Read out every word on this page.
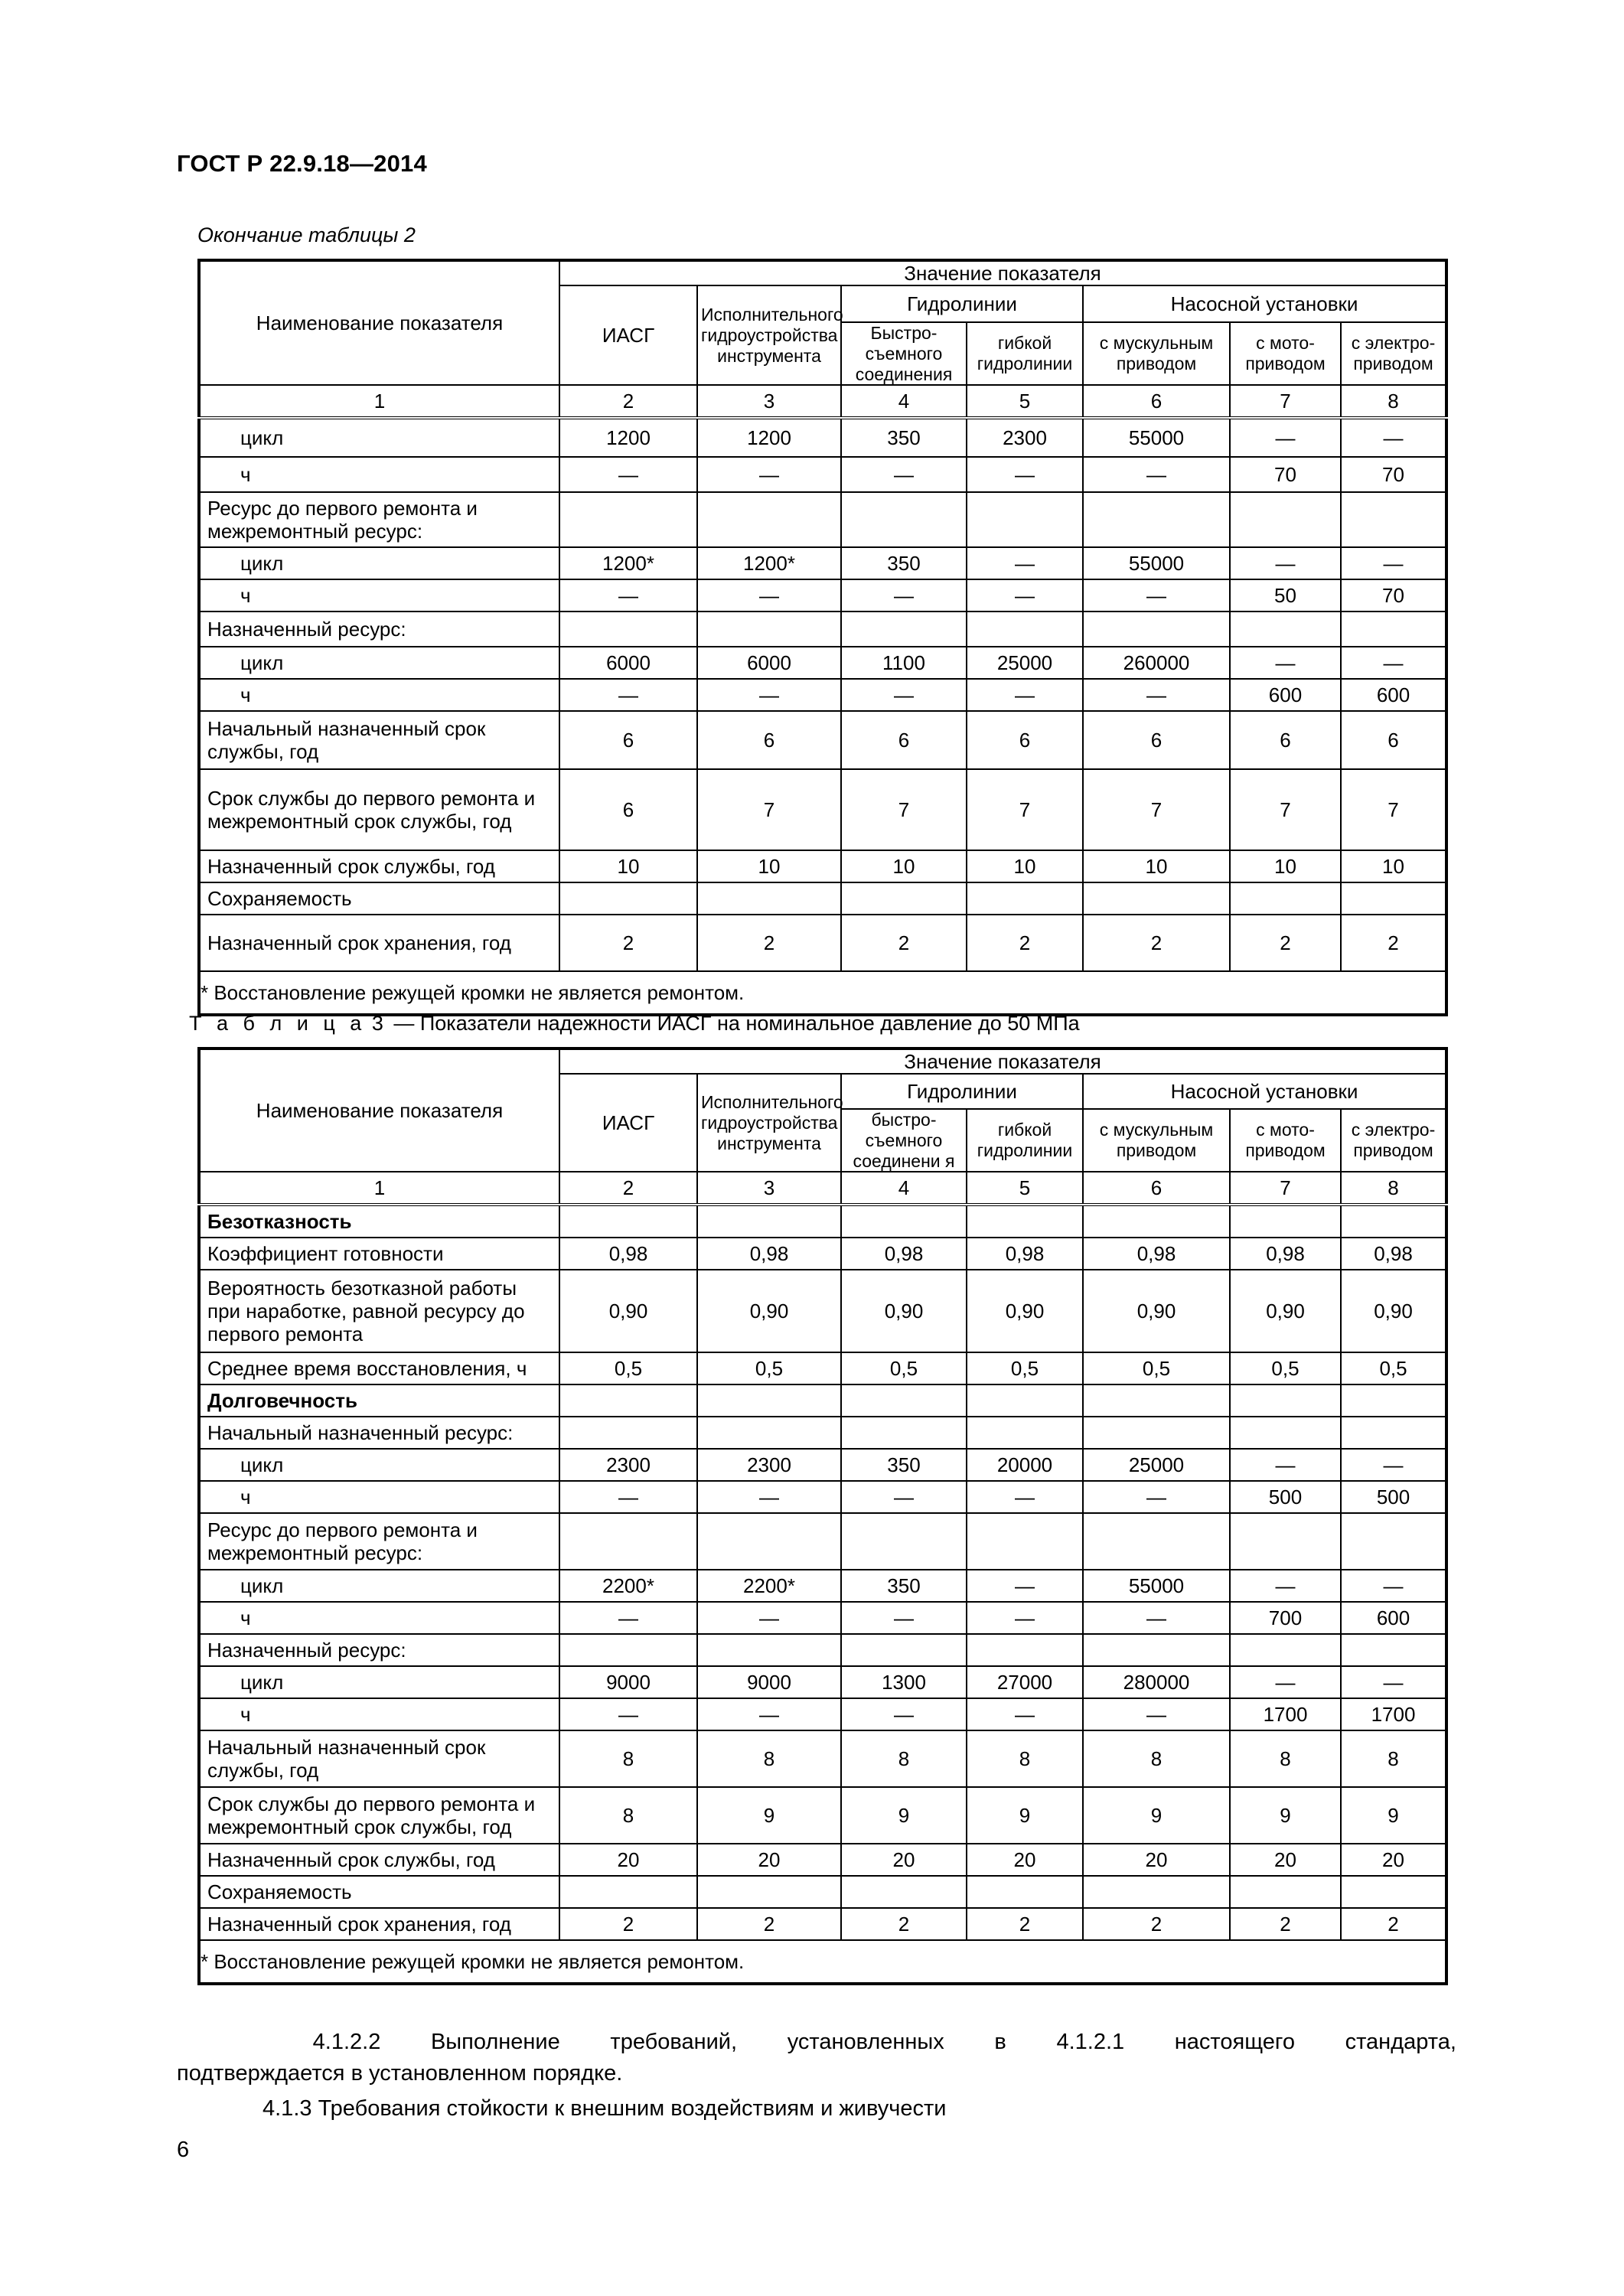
ГОСТ Р 22.9.18—2014
Окончание таблицы 2
Наименование показателя	Значение показателя						
	ИАСГ	Исполнительного гидроустройства инструмента	Гидролинии		Насосной установки		
			Быстро-съемного соединения	гибкой гидролинии	с мускульным приводом	с мото-приводом	с электро-приводом
1	2	3	4	5	6	7	8
цикл	1200	1200	350	2300	55000	—	—
ч	—	—	—	—	—	70	70
Ресурс до первого ремонта и межремонтный ресурс:							
цикл	1200*	1200*	350	—	55000	—	—
ч	—	—	—	—	—	50	70
Назначенный ресурс:							
цикл	6000	6000	1100	25000	260000	—	—
ч	—	—	—	—	—	600	600
Начальный назначенный срок службы, год	6	6	6	6	6	6	6
Срок службы до первого ремонта и межремонтный срок службы, год	6	7	7	7	7	7	7
Назначенный срок службы, год	10	10	10	10	10	10	10
Сохраняемость							
Назначенный срок хранения, год	2	2	2	2	2	2	2
* Восстановление режущей кромки не является ремонтом.							
Т а б л и ц а 3 — Показатели надежности ИАСГ на номинальное давление до 50 МПа
Наименование показателя	Значение показателя						
	ИАСГ	Исполнительного гидроустройства инструмента	Гидролинии		Насосной установки		
			быстро-съемного соединени я	гибкой гидролинии	с мускульным приводом	с мото-приводом	с электро-приводом
1	2	3	4	5	6	7	8
Безотказность							
Коэффициент готовности	0,98	0,98	0,98	0,98	0,98	0,98	0,98
Вероятность безотказной работы при наработке, равной ресурсу до первого ремонта	0,90	0,90	0,90	0,90	0,90	0,90	0,90
Среднее время восстановления, ч	0,5	0,5	0,5	0,5	0,5	0,5	0,5
Долговечность							
Начальный назначенный ресурс:							
цикл	2300	2300	350	20000	25000	—	—
ч	—	—	—	—	—	500	500
Ресурс до первого ремонта и межремонтный ресурс:							
цикл	2200*	2200*	350	—	55000	—	—
ч	—	—	—	—	—	700	600
Назначенный ресурс:							
цикл	9000	9000	1300	27000	280000	—	—
ч	—	—	—	—	—	1700	1700
Начальный назначенный срок службы, год	8	8	8	8	8	8	8
Срок службы до первого ремонта и межремонтный срок службы, год	8	9	9	9	9	9	9
Назначенный срок службы, год	20	20	20	20	20	20	20
Сохраняемость							
Назначенный срок хранения, год	2	2	2	2	2	2	2
* Восстановление режущей кромки не является ремонтом.							
4.1.2.2 Выполнение требований, установленных в 4.1.2.1 настоящего стандарта,
подтверждается в установленном порядке.
4.1.3 Требования стойкости к внешним воздействиям и живучести
6
